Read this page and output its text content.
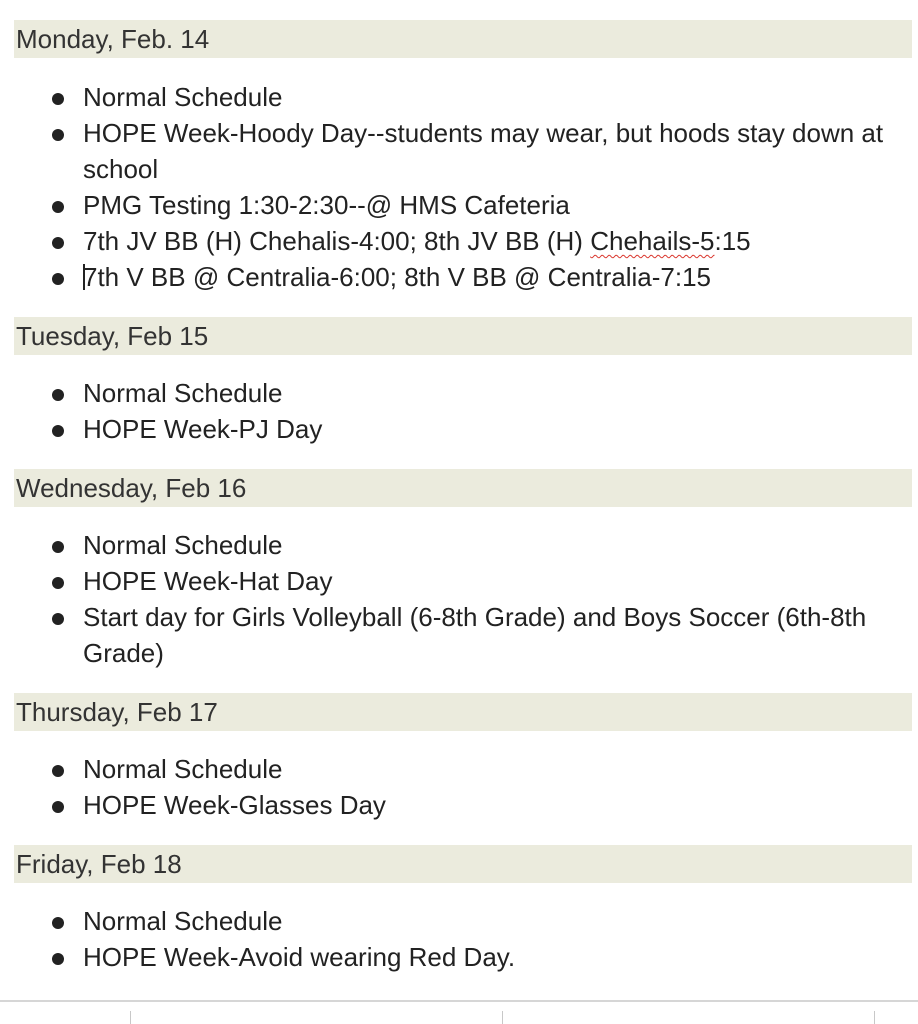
Monday, Feb. 14
Normal Schedule
HOPE Week-Hoody Day--students may wear, but hoods stay down at school
PMG Testing 1:30-2:30--@ HMS Cafeteria
7th JV BB (H) Chehalis-4:00; 8th JV BB (H) Chehails-5:15
7th V BB @ Centralia-6:00; 8th V BB @ Centralia-7:15
Tuesday, Feb 15
Normal Schedule
HOPE Week-PJ Day
Wednesday, Feb 16
Normal Schedule
HOPE Week-Hat Day
Start day for Girls Volleyball (6-8th Grade) and Boys Soccer (6th-8th Grade)
Thursday, Feb 17
Normal Schedule
HOPE Week-Glasses Day
Friday, Feb 18
Normal Schedule
HOPE Week-Avoid wearing Red Day.
